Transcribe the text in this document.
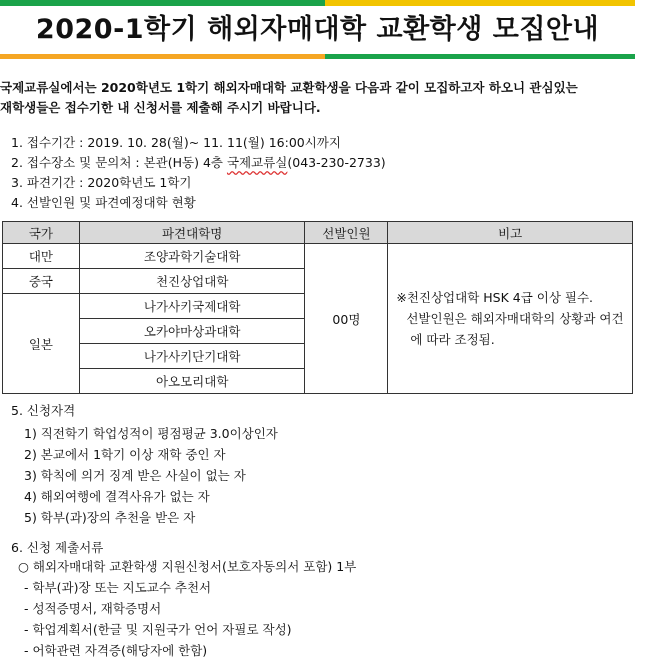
2020-1학기 해외자매대학 교환학생 모집안내
국제교류실에서는 2020학년도 1학기 해외자매대학 교환학생을 다음과 같이 모집하고자 하오니 관심있는
재학생들은 접수기한 내 신청서를 제출해 주시기 바랍니다.
1. 접수기간 : 2019. 10. 28(월)~ 11. 11(월) 16:00시까지
2. 접수장소 및 문의처 : 본관(H동) 4층 국제교류실(043-230-2733)
3. 파견기간 : 2020학년도 1학기
4. 선발인원 및 파견예정대학 현황
국가	파견대학명	선발인원	비고
대만	조양과학기술대학	00명	※천진상업대학 HSK 4급 이상 필수.
선발인원은 해외자매대학의 상황과 여건
에 따라 조정됨.

중국	천진상업대학		
일본	나가사키국제대학		
	오카야마상과대학		
	나가사키단기대학		
	아오모리대학		
5. 신청자격
1) 직전학기 학업성적이 평점평균 3.0이상인자
2) 본교에서 1학기 이상 재학 중인 자
3) 학칙에 의거 징계 받은 사실이 없는 자
4) 해외여행에 결격사유가 없는 자
5) 학부(과)장의 추천을 받은 자
6. 신청 제출서류
○ 해외자매대학 교환학생 지원신청서(보호자동의서 포함) 1부
- 학부(과)장 또는 지도교수 추천서
- 성적증명서, 재학증명서
- 학업계획서(한글 및 지원국가 언어 자필로 작성)
- 어학관련 자격증(해당자에 한함)
